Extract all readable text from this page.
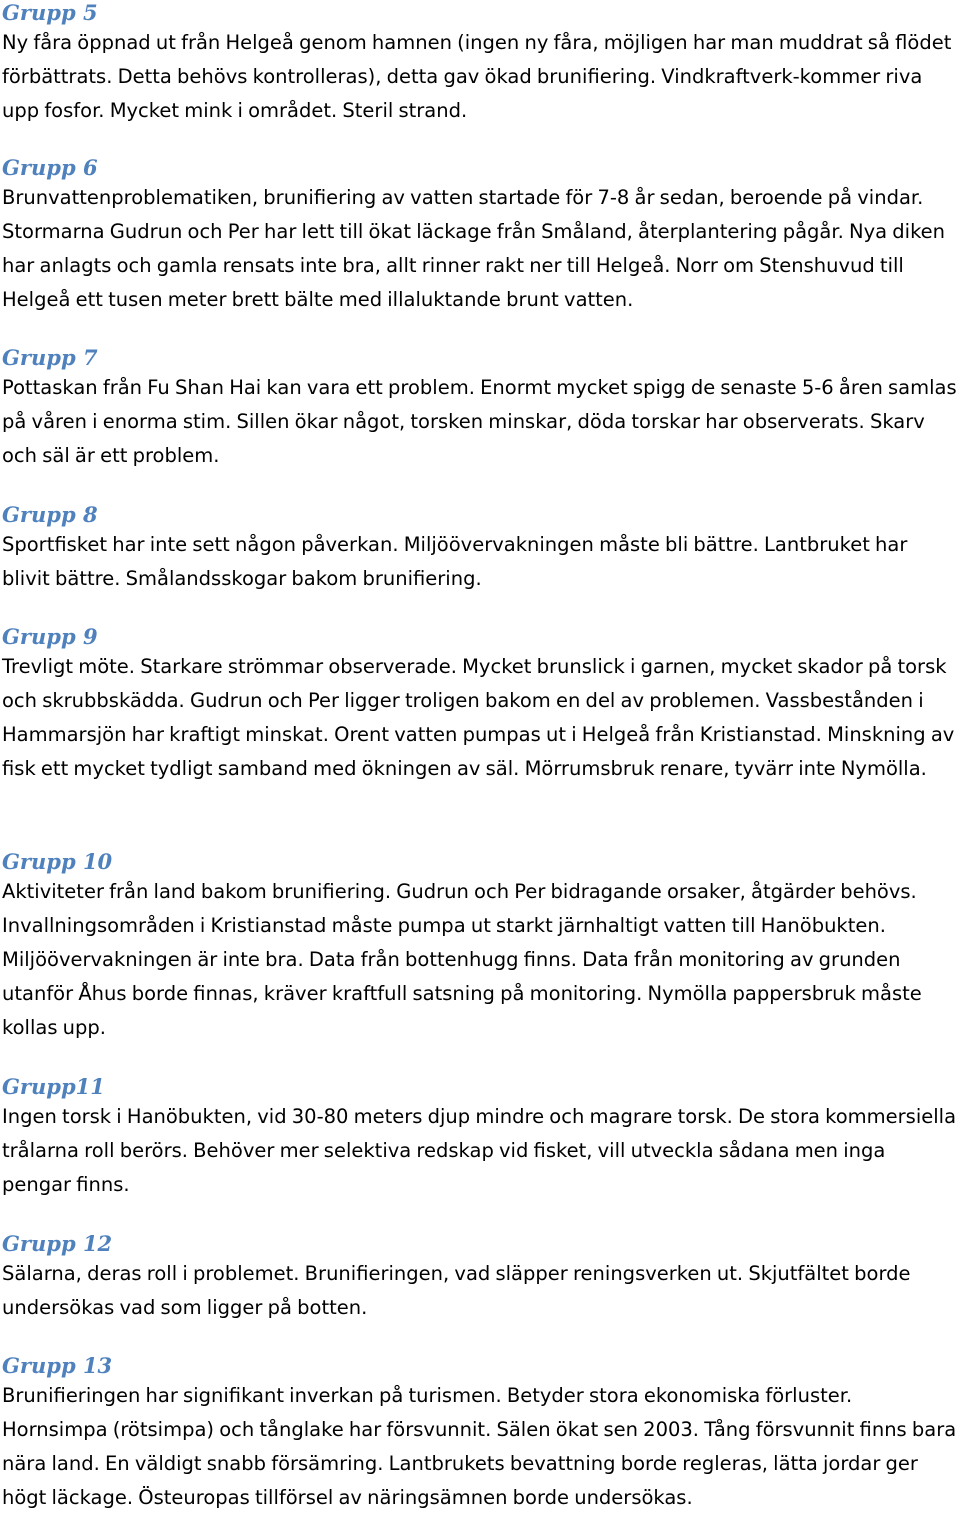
Grupp 5

Ny fåra öppnad ut från Helgeå genom hamnen (ingen ny fåra, möjligen har man muddrat så flödet förbättrats. Detta behövs kontrolleras), detta gav ökad brunifiering. Vindkraftverk-kommer riva upp fosfor. Mycket mink i området. Steril strand.

Grupp 6

Brunvattenproblematiken, brunifiering av vatten startade för 7-8 år sedan, beroende på vindar. Stormarna Gudrun och Per har lett till ökat läckage från Småland, återplantering pågår. Nya diken har anlagts och gamla rensats inte bra, allt rinner rakt ner till Helgeå. Norr om Stenshuvud till Helgeå ett tusen meter brett bälte med illaluktande brunt vatten.

Grupp 7

Pottaskan från Fu Shan Hai kan vara ett problem. Enormt mycket spigg de senaste 5-6 åren samlas på våren i enorma stim. Sillen ökar något, torsken minskar, döda torskar har observerats. Skarv och säl är ett problem.

Grupp 8

Sportfisket har inte sett någon påverkan. Miljöövervakningen måste bli bättre. Lantbruket har blivit bättre. Smålandsskogar bakom brunifiering.

Grupp 9

Trevligt möte. Starkare strömmar observerade. Mycket brunslick i garnen, mycket skador på torsk och skrubbskädda. Gudrun och Per ligger troligen bakom en del av problemen. Vassbestånden i Hammarsjön har kraftigt minskat. Orent vatten pumpas ut i Helgeå från Kristianstad. Minskning av fisk ett mycket tydligt samband med ökningen av säl. Mörrumsbruk renare, tyvärr inte Nymölla.

Grupp 10

Aktiviteter från land bakom brunifiering. Gudrun och Per bidragande orsaker, åtgärder behövs. Invallningsområden i Kristianstad måste pumpa ut starkt järnhaltigt vatten till Hanöbukten. Miljöövervakningen är inte bra. Data från bottenhugg finns. Data från monitoring av grunden utanför Åhus borde finnas, kräver kraftfull satsning på monitoring. Nymölla pappersbruk måste kollas upp.

Grupp11

Ingen torsk i Hanöbukten, vid 30-80 meters djup mindre och magrare torsk. De stora kommersiella trålarna roll berörs. Behöver mer selektiva redskap vid fisket, vill utveckla sådana men inga pengar finns.

Grupp 12

Sälarna, deras roll i problemet. Brunifieringen, vad släpper reningsverken ut. Skjutfältet borde undersökas vad som ligger på botten.

Grupp 13

Brunifieringen har signifikant inverkan på turismen. Betyder stora ekonomiska förluster. Hornsimpa (rötsimpa) och tånglake har försvunnit. Sälen ökat sen 2003. Tång försvunnit finns bara nära land. En väldigt snabb försämring. Lantbrukets bevattning borde regleras, lätta jordar ger högt läckage. Östeuropas tillförsel av näringsämnen borde undersökas.
